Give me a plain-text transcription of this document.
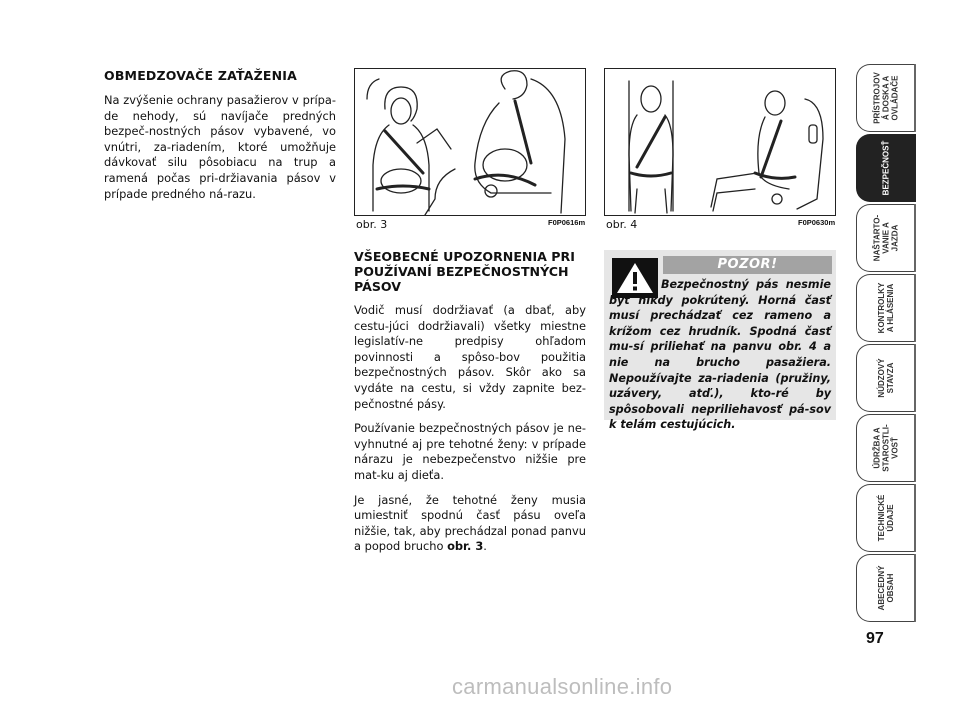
OBMEDZOVAČE ZAŤAŽENIA
Na zvýšenie ochrany pasažierov v prípa-de nehody, sú navíjače predných bezpeč-nostných pásov vybavené, vo vnútri, za-riadením, ktoré umožňuje dávkovať silu pôsobiacu na trup a ramená počas pri-držiavania pásov v prípade predného ná-razu.
obr. 3	F0P0616m obr. 4	F0P0630m
VŠEOBECNÉ UPOZORNENIA PRI POUŽÍVANÍ BEZPEČNOSTNÝCH PÁSOV
Vodič musí dodržiavať (a dbať, aby cestu-júci dodržiavali) všetky miestne legislatív-ne predpisy ohľadom povinnosti a spôso-bov použitia bezpečnostných pásov. Skôr ako sa vydáte na cestu, si vždy zapnite bez-pečnostné pásy.
Používanie bezpečnostných pásov je ne-vyhnutné aj pre tehotné ženy: v prípade nárazu je nebezpečenstvo nižšie pre mat-ku aj dieťa.
Je jasné, že tehotné ženy musia umiestniť spodnú časť pásu oveľa nižšie, tak, aby prechádzal ponad panvu a popod brucho obr. 3.
POZOR!
Bezpečnostný pás nesmie byť nikdy pokrútený. Horná časť musí prechádzať cez rameno a krížom cez hrudník. Spodná časť mu-sí priliehať na panvu obr. 4 a nie na brucho pasažiera. Nepoužívajte za-riadenia (pružiny, uzávery, atď.), kto-ré by spôsobovali nepriliehavosť pá-sov k telám cestujúcich.
PRÍSTROJOV
Á DOSKA A
OVLÁDAČE
BEZPEČNOSŤ
NAŠTARTO-
VANIE A
JAZDA
KONTROLKY
A HLÁSENIA
NÚDZOVÝ
STAVZA
ÚDRŽBA A
STAROSTLI-
VOSŤ
TECHNICKÉ
ÚDAJE
ABECEDNÝ
OBSAH
97
carmanualsonline.info
